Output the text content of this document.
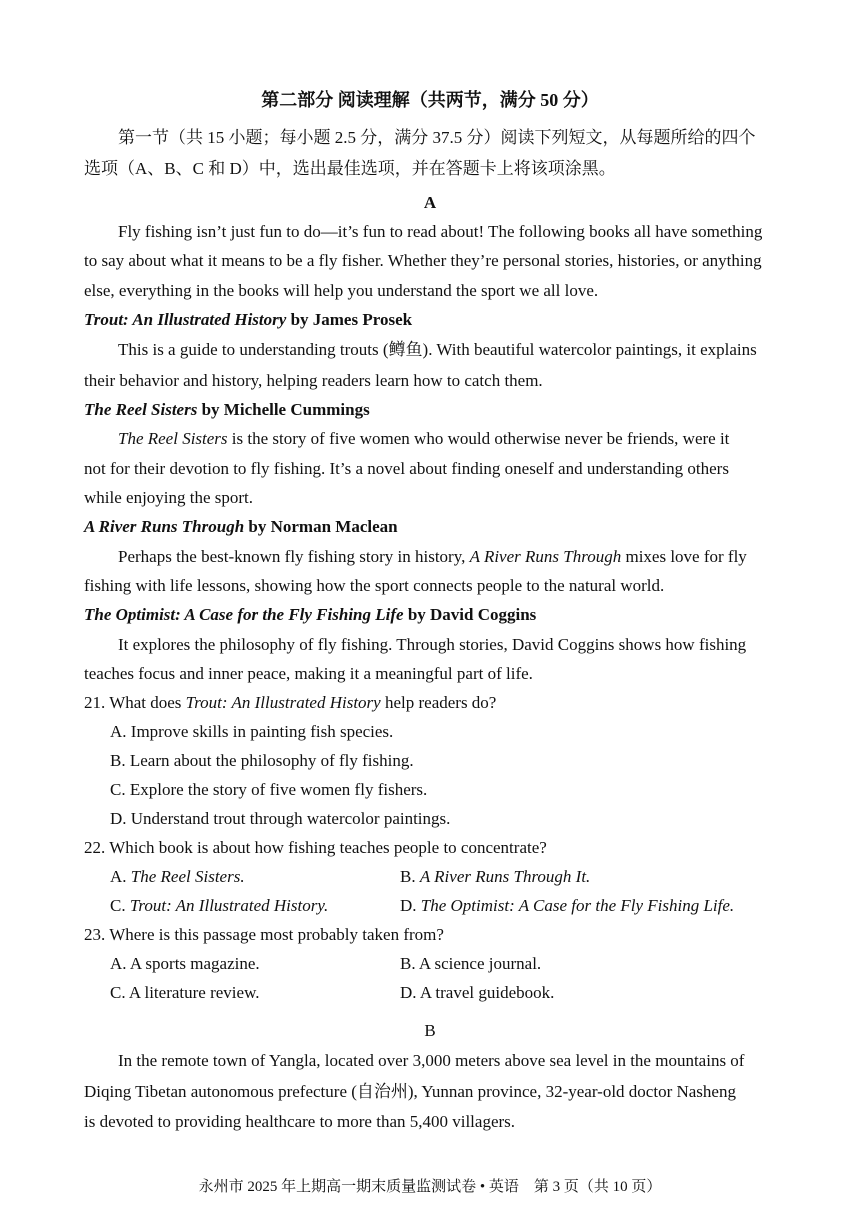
第二部分 阅读理解（共两节，满分 50 分）
第一节（共 15 小题；每小题 2.5 分，满分 37.5 分）阅读下列短文，从每题所给的四个
选项（A、B、C 和 D）中，选出最佳选项，并在答题卡上将该项涂黑。
A
Fly fishing isn’t just fun to do—it’s fun to read about! The following books all have something
to say about what it means to be a fly fisher. Whether they’re personal stories, histories, or anything
else, everything in the books will help you understand the sport we all love.
Trout: An Illustrated History by James Prosek
This is a guide to understanding trouts (鳟鱼). With beautiful watercolor paintings, it explains
their behavior and history, helping readers learn how to catch them.
The Reel Sisters by Michelle Cummings
The Reel Sisters is the story of five women who would otherwise never be friends, were it
not for their devotion to fly fishing. It’s a novel about finding oneself and understanding others
while enjoying the sport.
A River Runs Through by Norman Maclean
Perhaps the best-known fly fishing story in history, A River Runs Through mixes love for fly
fishing with life lessons, showing how the sport connects people to the natural world.
The Optimist: A Case for the Fly Fishing Life by David Coggins
It explores the philosophy of fly fishing. Through stories, David Coggins shows how fishing
teaches focus and inner peace, making it a meaningful part of life.
21. What does Trout: An Illustrated History help readers do?
A. Improve skills in painting fish species.
B. Learn about the philosophy of fly fishing.
C. Explore the story of five women fly fishers.
D. Understand trout through watercolor paintings.
22. Which book is about how fishing teaches people to concentrate?
A. The Reel Sisters.	B. A River Runs Through It.
C. Trout: An Illustrated History.	D. The Optimist: A Case for the Fly Fishing Life.
23. Where is this passage most probably taken from?
A. A sports magazine.	B. A science journal.
C. A literature review.	D. A travel guidebook.
B
In the remote town of Yangla, located over 3,000 meters above sea level in the mountains of
Diqing Tibetan autonomous prefecture (自治州), Yunnan province, 32-year-old doctor Nasheng
is devoted to providing healthcare to more than 5,400 villagers.
永州市 2025 年上期高一期末质量监测试卷 • 英语　第 3 页（共 10 页）
